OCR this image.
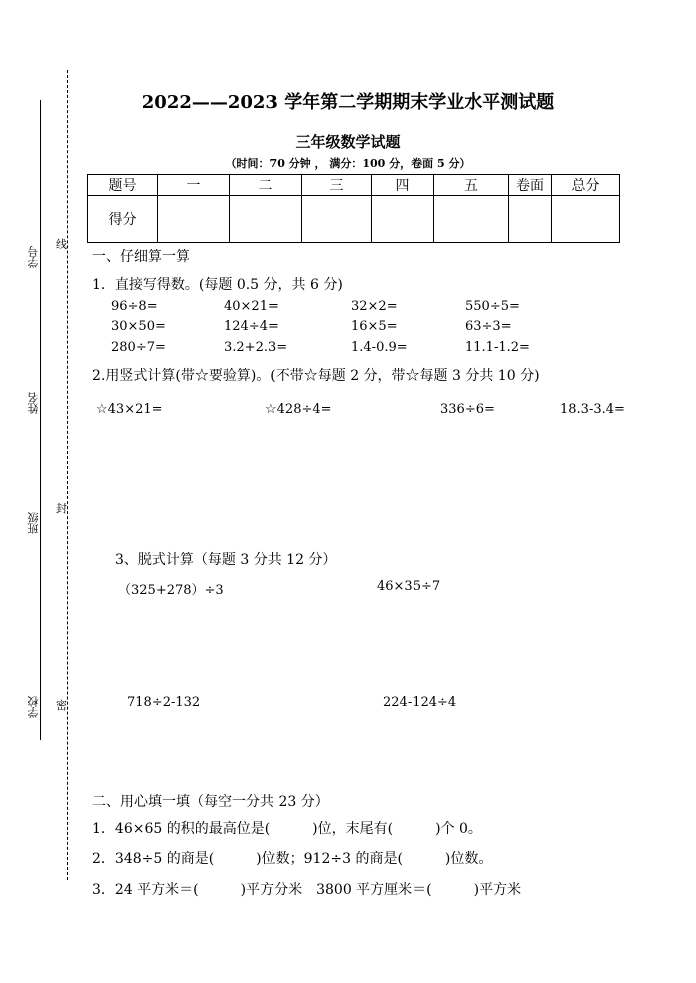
学号
姓名
班级
学校
线
封
密
2022——2023 学年第二学期期末学业水平测试题
三年级数学试题
（时间：70 分钟 ， 满分：100 分，卷面 5 分）
题号	一	二	三	四	五	卷面	总分
得分							
一、仔细算一算
1．直接写得数。(每题 0.5 分，共 6 分)
96÷8=	40×21=	32×2=	550÷5=
30×50=	124÷4=	16×5=	63÷3=
280÷7=	3.2+2.3=	1.4-0.9=	11.1-1.2=
2.用竖式计算(带☆要验算)。(不带☆每题 2 分，带☆每题 3 分共 10 分)
☆43×21=	☆428÷4=	336÷6=	18.3-3.4=
3、脱式计算（每题 3 分共 12 分）
（325+278）÷3	46×35÷7
718÷2-132	224-124÷4
二、用心填一填（每空一分共 23 分）
1．46×65 的积的最高位是(　　　)位，末尾有(　　　)个 0。
2．348÷5 的商是(　　　)位数；912÷3 的商是(　　　)位数。
3．24 平方米＝(　　　)平方分米　3800 平方厘米＝(　　　)平方米
